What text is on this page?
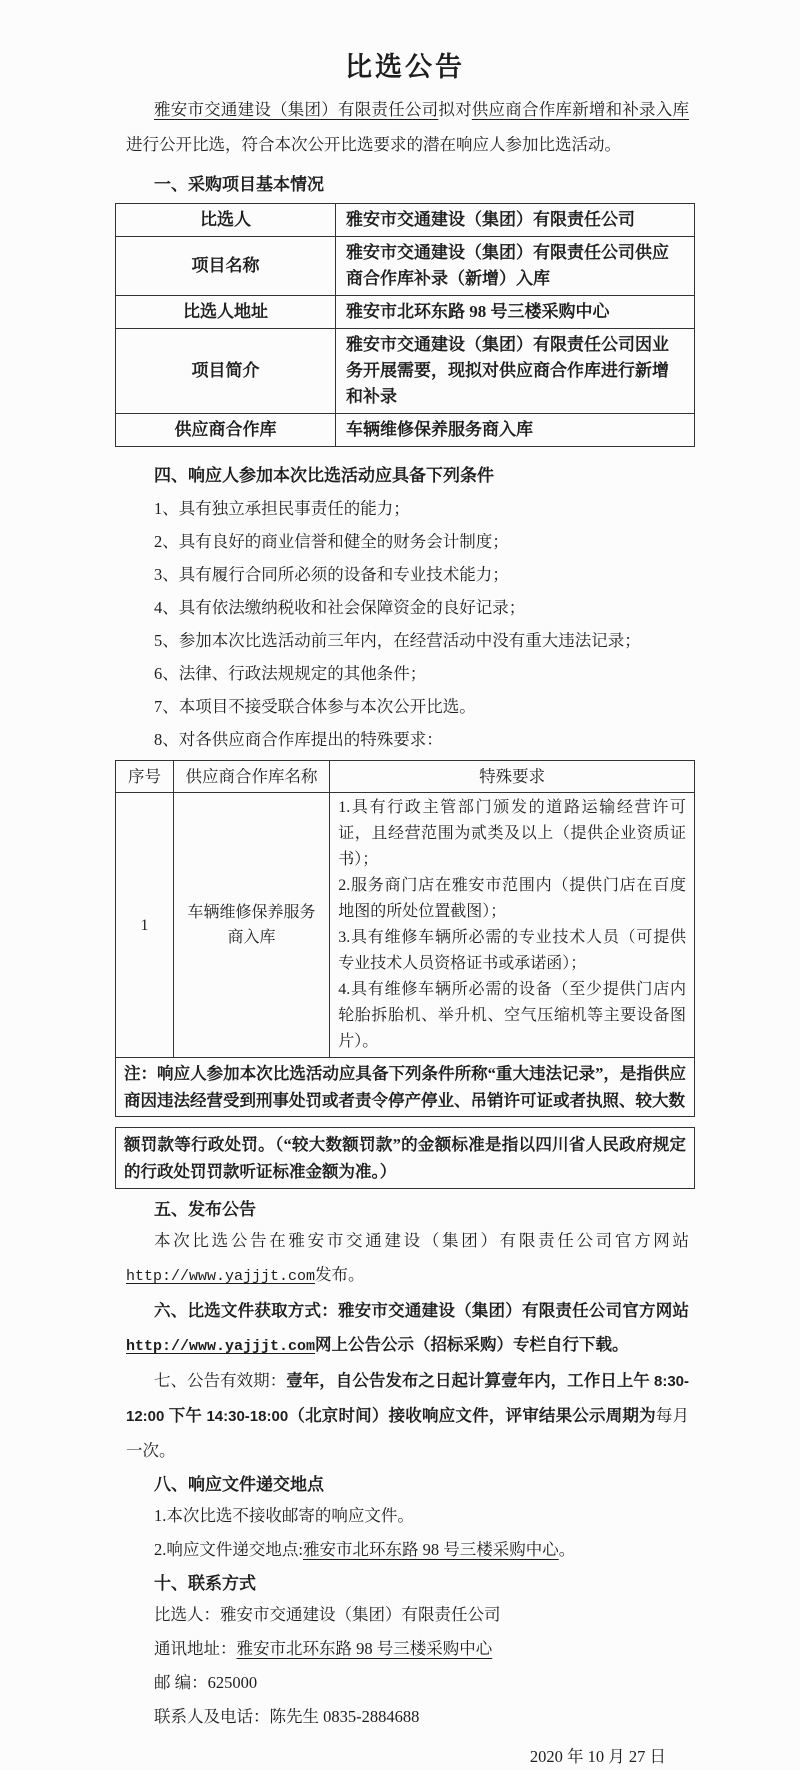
比选公告
雅安市交通建设（集团）有限责任公司拟对供应商合作库新增和补录入库进行公开比选，符合本次公开比选要求的潜在响应人参加比选活动。
一、采购项目基本情况
比选人	雅安市交通建设（集团）有限责任公司
项目名称	雅安市交通建设（集团）有限责任公司供应商合作库补录（新增）入库
比选人地址	雅安市北环东路 98 号三楼采购中心
项目简介	雅安市交通建设（集团）有限责任公司因业务开展需要，现拟对供应商合作库进行新增和补录
供应商合作库	车辆维修保养服务商入库
四、响应人参加本次比选活动应具备下列条件
1、具有独立承担民事责任的能力；
2、具有良好的商业信誉和健全的财务会计制度；
3、具有履行合同所必须的设备和专业技术能力；
4、具有依法缴纳税收和社会保障资金的良好记录；
5、参加本次比选活动前三年内，在经营活动中没有重大违法记录；
6、法律、行政法规规定的其他条件；
7、本项目不接受联合体参与本次公开比选。
8、对各供应商合作库提出的特殊要求：
序号	供应商合作库名称	特殊要求
1	车辆维修保养服务商入库	1.具有行政主管部门颁发的道路运输经营许可证，且经营范围为贰类及以上（提供企业资质证书）；
2.服务商门店在雅安市范围内（提供门店在百度地图的所处位置截图）；
3.具有维修车辆所必需的专业技术人员（可提供专业技术人员资格证书或承诺函）；
4.具有维修车辆所必需的设备（至少提供门店内轮胎拆胎机、举升机、空气压缩机等主要设备图片）。

注：响应人参加本次比选活动应具备下列条件所称“重大违法记录”，是指供应商因违法经营受到刑事处罚或者责令停产停业、吊销许可证或者执照、较大数		
额罚款等行政处罚。（“较大数额罚款”的金额标准是指以四川省人民政府规定的行政处罚罚款听证标准金额为准。）
五、发布公告
本次比选公告在雅安市交通建设（集团）有限责任公司官方网站http://www.yajjjt.com发布。
六、比选文件获取方式：雅安市交通建设（集团）有限责任公司官方网站http://www.yajjjt.com网上公告公示（招标采购）专栏自行下载。
七、公告有效期：壹年，自公告发布之日起计算壹年内，工作日上午 8:30-12:00 下午 14:30-18:00（北京时间）接收响应文件，评审结果公示周期为每月一次。
八、响应文件递交地点
1.本次比选不接收邮寄的响应文件。
2.响应文件递交地点:雅安市北环东路 98 号三楼采购中心。
十、联系方式
比选人：雅安市交通建设（集团）有限责任公司
通讯地址：雅安市北环东路 98 号三楼采购中心
邮 编：625000
联系人及电话：陈先生 0835-2884688
2020 年 10 月 27 日
